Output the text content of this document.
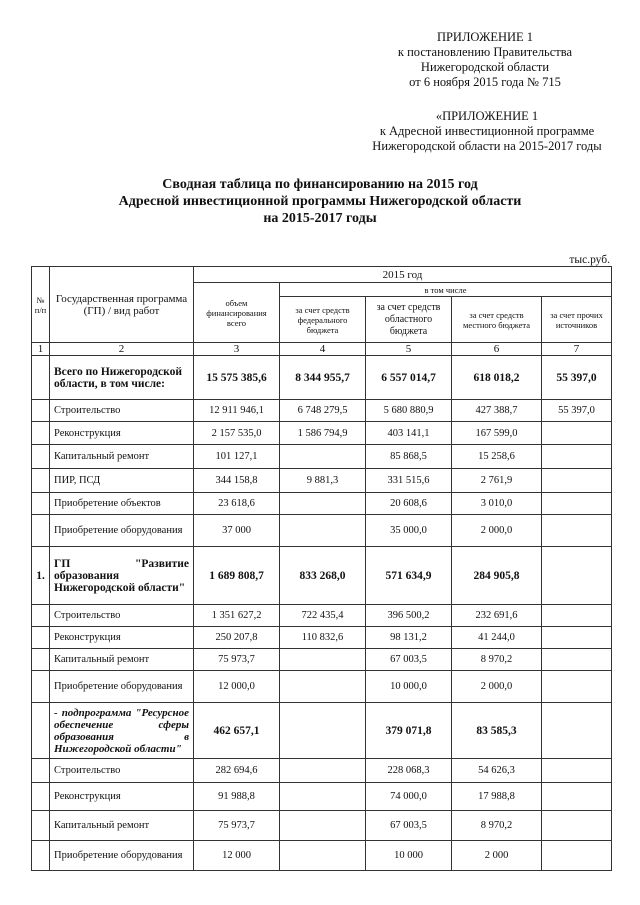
ПРИЛОЖЕНИЕ 1
к постановлению Правительства
Нижегородской области
от 6 ноября 2015 года № 715
«ПРИЛОЖЕНИЕ 1
к Адресной инвестиционной программе
Нижегородской области на 2015-2017 годы
Сводная таблица по финансированию на 2015 год
Адресной инвестиционной программы Нижегородской области
на 2015-2017 годы
тыс.руб.
№ п/п	Государственная программа (ГП) / вид работ	2015 год				
		объем финансирования всего	в том числе			
			за счет средств федерального бюджета	за счет средств областного бюджета	за счет средств местного бюджета	за счет прочих источников
1	2	3	4	5	6	7
	Всего по Нижегородской области, в том числе:	15 575 385,6	8 344 955,7	6 557 014,7	618 018,2	55 397,0
	Строительство	12 911 946,1	6 748 279,5	5 680 880,9	427 388,7	55 397,0
	Реконструкция	2 157 535,0	1 586 794,9	403 141,1	167 599,0	
	Капитальный ремонт	101 127,1		85 868,5	15 258,6	
	ПИР, ПСД	344 158,8	9 881,3	331 515,6	2 761,9	
	Приобретение объектов	23 618,6		20 608,6	3 010,0	
	Приобретение оборудования	37 000		35 000,0	2 000,0	
1.	ГП "Развитие образования Нижегородской области"	1 689 808,7	833 268,0	571 634,9	284 905,8	
	Строительство	1 351 627,2	722 435,4	396 500,2	232 691,6	
	Реконструкция	250 207,8	110 832,6	98 131,2	41 244,0	
	Капитальный ремонт	75 973,7		67 003,5	8 970,2	
	Приобретение оборудования	12 000,0		10 000,0	2 000,0	
	- подпрограмма "Ресурсное обеспечение сферы образования в Нижегородской области"	462 657,1		379 071,8	83 585,3	
	Строительство	282 694,6		228 068,3	54 626,3	
	Реконструкция	91 988,8		74 000,0	17 988,8	
	Капитальный ремонт	75 973,7		67 003,5	8 970,2	
	Приобретение оборудования	12 000		10 000	2 000	
